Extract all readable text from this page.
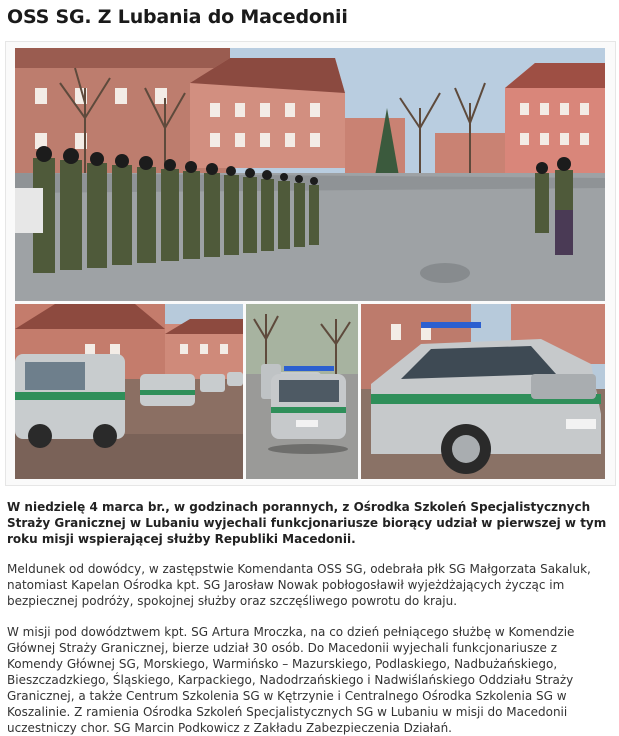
OSS SG. Z Lubania do Macedonii
W niedzielę 4 marca br., w godzinach porannych, z Ośrodka Szkoleń Specjalistycznych Straży Granicznej w Lubaniu wyjechali funkcjonariusze biorący udział w pierwszej w tym roku misji wspierającej służby Republiki Macedonii.
Meldunek od dowódcy, w zastępstwie Komendanta OSS SG, odebrała płk SG Małgorzata Sakaluk, natomiast Kapelan Ośrodka kpt. SG Jarosław Nowak pobłogosławił wyjeżdżających życząc im bezpiecznej podróży, spokojnej służby oraz szczęśliwego powrotu do kraju.
W misji pod dowództwem kpt. SG Artura Mroczka, na co dzień pełniącego służbę w Komendzie Głównej Straży Granicznej, bierze udział 30 osób. Do Macedonii wyjechali funkcjonariusze z Komendy Głównej SG, Morskiego, Warmińsko – Mazurskiego, Podlaskiego, Nadbużańskiego, Bieszczadzkiego, Śląskiego, Karpackiego, Nadodrzańskiego i Nadwiślańskiego Oddziału Straży Granicznej, a także Centrum Szkolenia SG w Kętrzynie i Centralnego Ośrodka Szkolenia SG w Koszalinie. Z ramienia Ośrodka Szkoleń Specjalistycznych SG w Lubaniu w misji do Macedonii uczestniczy chor. SG Marcin Podkowicz z Zakładu Zabezpieczenia Działań.
